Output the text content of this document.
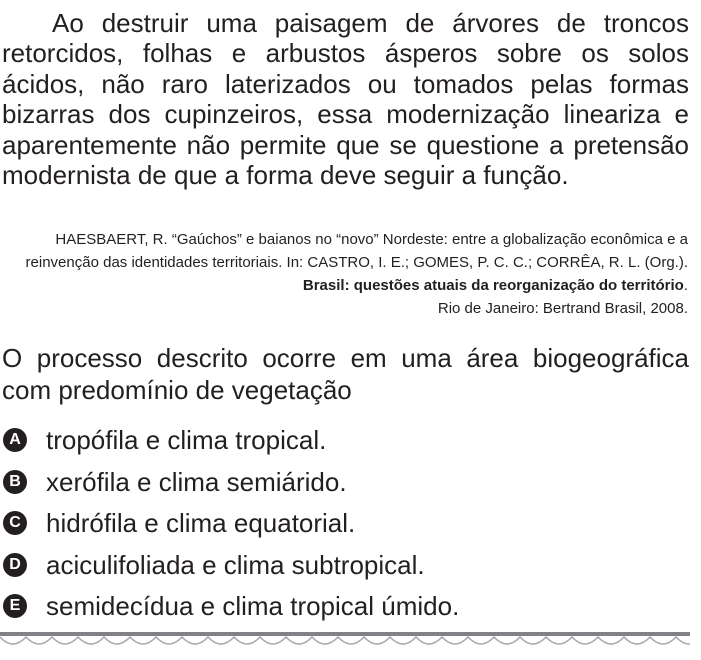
Ao destruir uma paisagem de árvores de troncos retorcidos, folhas e arbustos ásperos sobre os solos ácidos, não raro laterizados ou tomados pelas formas bizarras dos cupinzeiros, essa modernização lineariza e aparentemente não permite que se questione a pretensão modernista de que a forma deve seguir a função.

HAESBAERT, R. “Gaúchos” e baianos no “novo” Nordeste: entre a globalização econômica e a reinvenção das identidades territoriais. In: CASTRO, I. E.; GOMES, P. C. C.; CORRÊA, R. L. (Org.). Brasil: questões atuais da reorganização do território.
Rio de Janeiro: Bertrand Brasil, 2008.

O processo descrito ocorre em uma área biogeográfica com predomínio de vegetação

A tropófila e clima tropical.
B xerófila e clima semiárido.
C hidrófila e clima equatorial.
D aciculifoliada e clima subtropical.
E semidecídua e clima tropical úmido.
